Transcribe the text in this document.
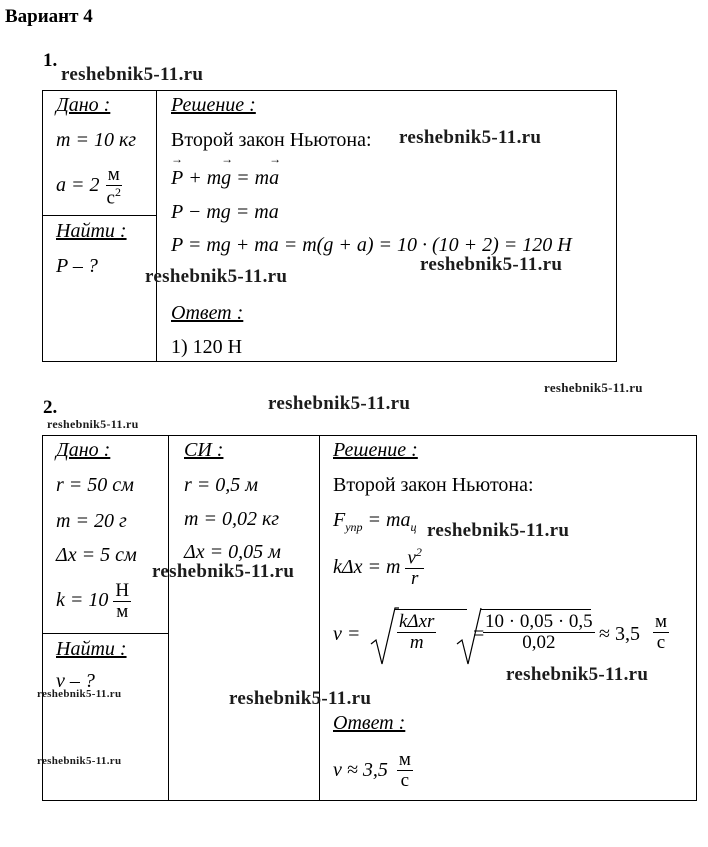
Вариант 4
1.
reshebnik5-11.ru
Дано :
m = 10 кг
$a = 2 \frac{м}{с^2}$
Найти :
P – ?
Решение :
Второй закон Ньютона: reshebnik5-11.ru
→ P + m→ g = m→ a
P − mg = ma
P = mg + ma = m(g + a) = 10 · (10 + 2) = 120 Н
reshebnik5-11.ru
reshebnik5-11.ru
Ответ :
1) 120 Н
reshebnik5-11.ru
2.	reshebnik5-11.ru
reshebnik5-11.ru
Дано :
r = 50 см
m = 20 г
Δx = 5 см
$k = 10 \frac{Н}{м}$
Найти :
v – ?
reshebnik5-11.ru
reshebnik5-11.ru
СИ :
r = 0,5 м
m = 0,02 кг
Δx = 0,05 м
reshebnik5-11.ru
Решение :
Второй закон Ньютона:
$F_{упр} = ma_ц$ reshebnik5-11.ru
kΔx = m $\frac{v^2}{r}$
v =
kΔxr
m =
$\frac{10 \cdot 0,05 \cdot 0,5}{0,02} \approx 3,5$
м
с
reshebnik5-11.ru
reshebnik5-11.ru
Ответ :
$v \approx 3,5 \frac{м}{с}$
